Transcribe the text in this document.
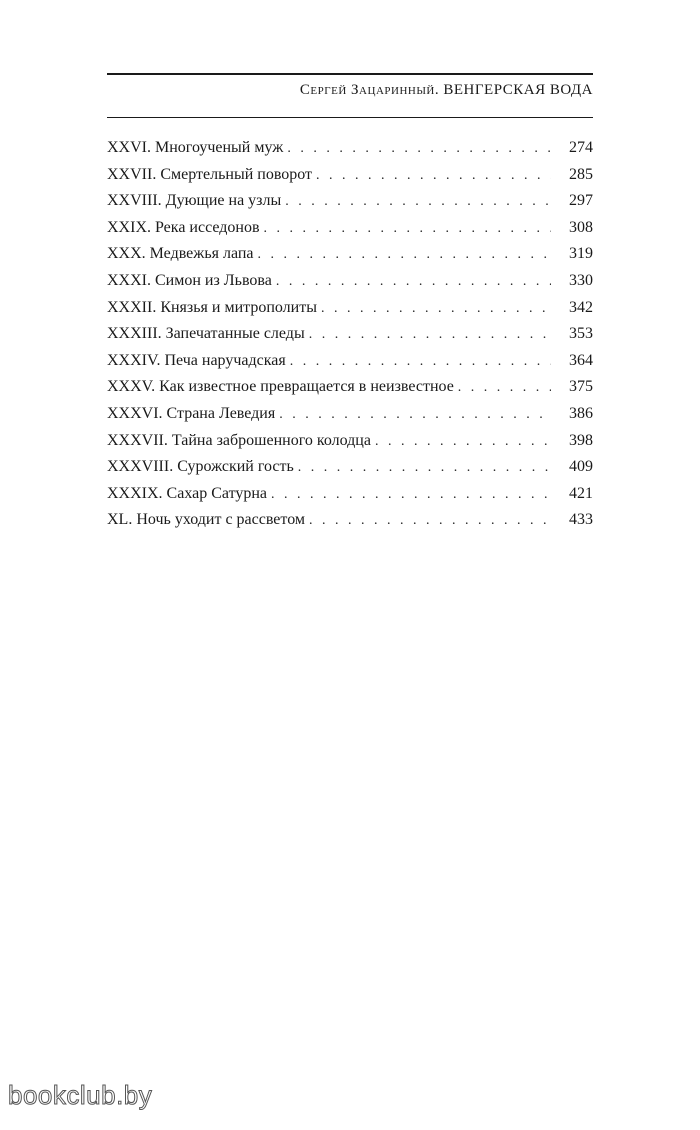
Сергей Зацаринный. ВЕНГЕРСКАЯ ВОДА
XXVI. Многоученый муж . . .	274
XXVII. Смертельный поворот . . .	285
XXVIII. Дующие на узлы . . .	297
XXIX. Река исседонов . . .	308
XXX. Медвежья лапа . . .	319
XXXI. Симон из Львова . . .	330
XXXII. Князья и митрополиты . . .	342
XXXIII. Запечатанные следы . . .	353
XXXIV. Печа наручадская . . .	364
XXXV. Как известное превращается в неизвестное . . .	375
XXXVI. Страна Леведия . . .	386
XXXVII. Тайна заброшенного колодца . . .	398
XXXVIII. Сурожский гость . . .	409
XXXIX. Сахар Сатурна . . .	421
XL. Ночь уходит с рассветом . . .	433
bookclub.by
